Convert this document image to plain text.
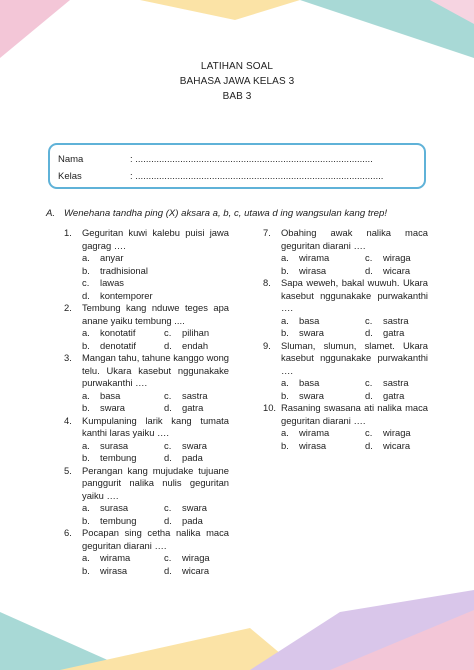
LATIHAN SOAL
BAHASA JAWA KELAS 3
BAB 3
Nama	: ..........................................................................................
Kelas	: ..............................................................................................
A. Wenehana tandha ping (X) aksara a, b, c, utawa d ing wangsulan kang trep!
1. Geguritan kuwi kalebu puisi jawa gagrag ….
a.	anyar
b.	tradhisional
c.	lawas
d.	kontemporer
2. Tembung kang nduwe teges apa anane yaiku tembung ....
a.	konotatif	c.	pilihan
b.	denotatif	d.	endah
3. Mangan tahu, tahune kanggo wong telu. Ukara kasebut nggunakake purwakanthi ….
a.	basa	c.	sastra
b.	swara	d.	gatra
4. Kumpulaning larik kang tumata kanthi laras yaiku ….
a.	surasa	c.	swara
b.	tembung	d.	pada
5. Perangan kang mujudake tujuane panggurit nalika nulis geguritan yaiku ….
a.	surasa	c.	swara
b.	tembung	d.	pada
6. Pocapan sing cetha nalika maca geguritan diarani ….
a.	wirama	c.	wiraga
b.	wirasa	d.	wicara
7. Obahing awak nalika maca geguritan diarani ….
a.	wirama	c.	wiraga
b.	wirasa	d.	wicara
8. Sapa weweh, bakal wuwuh. Ukara kasebut nggunakake purwakanthi ….
a.	basa	c.	sastra
b.	swara	d.	gatra
9. Sluman, slumun, slamet. Ukara kasebut nggunakake purwakanthi ….
a.	basa	c.	sastra
b.	swara	d.	gatra
10. Rasaning swasana ati nalika maca geguritan diarani ….
a.	wirama	c.	wiraga
b.	wirasa	d.	wicara
